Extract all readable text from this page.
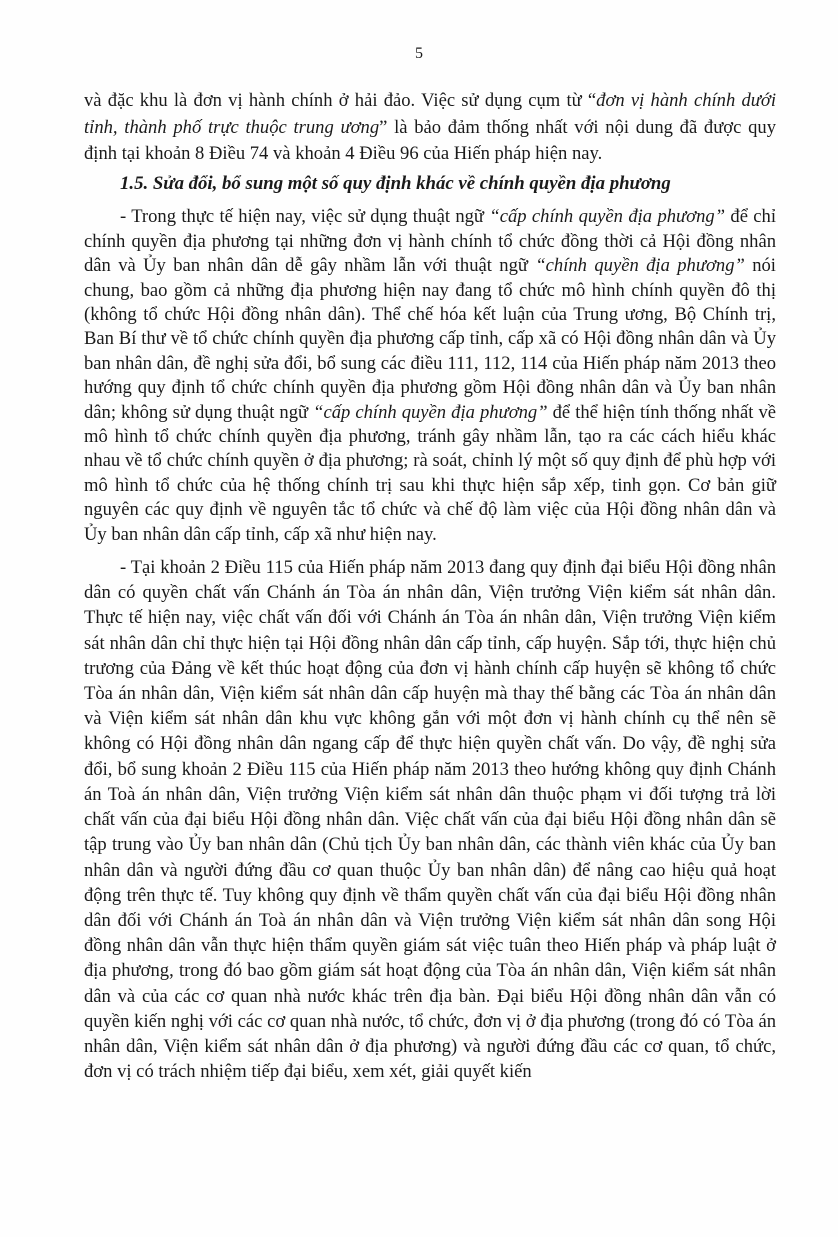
5

và đặc khu là đơn vị hành chính ở hải đảo. Việc sử dụng cụm từ “đơn vị hành chính dưới tỉnh, thành phố trực thuộc trung ương” là bảo đảm thống nhất với nội dung đã được quy định tại khoản 8 Điều 74 và khoản 4 Điều 96 của Hiến pháp hiện nay.

1.5. Sửa đổi, bổ sung một số quy định khác về chính quyền địa phương

- Trong thực tế hiện nay, việc sử dụng thuật ngữ “cấp chính quyền địa phương” để chỉ chính quyền địa phương tại những đơn vị hành chính tổ chức đồng thời cả Hội đồng nhân dân và Ủy ban nhân dân dễ gây nhầm lẫn với thuật ngữ “chính quyền địa phương” nói chung, bao gồm cả những địa phương hiện nay đang tổ chức mô hình chính quyền đô thị (không tổ chức Hội đồng nhân dân). Thể chế hóa kết luận của Trung ương, Bộ Chính trị, Ban Bí thư về tổ chức chính quyền địa phương cấp tỉnh, cấp xã có Hội đồng nhân dân và Ủy ban nhân dân, đề nghị sửa đổi, bổ sung các điều 111, 112, 114 của Hiến pháp năm 2013 theo hướng quy định tổ chức chính quyền địa phương gồm Hội đồng nhân dân và Ủy ban nhân dân; không sử dụng thuật ngữ “cấp chính quyền địa phương” để thể hiện tính thống nhất về mô hình tổ chức chính quyền địa phương, tránh gây nhầm lẫn, tạo ra các cách hiểu khác nhau về tổ chức chính quyền ở địa phương; rà soát, chỉnh lý một số quy định để phù hợp với mô hình tổ chức của hệ thống chính trị sau khi thực hiện sắp xếp, tinh gọn. Cơ bản giữ nguyên các quy định về nguyên tắc tổ chức và chế độ làm việc của Hội đồng nhân dân và Ủy ban nhân dân cấp tỉnh, cấp xã như hiện nay.

- Tại khoản 2 Điều 115 của Hiến pháp năm 2013 đang quy định đại biểu Hội đồng nhân dân có quyền chất vấn Chánh án Tòa án nhân dân, Viện trưởng Viện kiểm sát nhân dân. Thực tế hiện nay, việc chất vấn đối với Chánh án Tòa án nhân dân, Viện trưởng Viện kiểm sát nhân dân chỉ thực hiện tại Hội đồng nhân dân cấp tỉnh, cấp huyện. Sắp tới, thực hiện chủ trương của Đảng về kết thúc hoạt động của đơn vị hành chính cấp huyện sẽ không tổ chức Tòa án nhân dân, Viện kiểm sát nhân dân cấp huyện mà thay thế bằng các Tòa án nhân dân và Viện kiểm sát nhân dân khu vực không gắn với một đơn vị hành chính cụ thể nên sẽ không có Hội đồng nhân dân ngang cấp để thực hiện quyền chất vấn. Do vậy, đề nghị sửa đổi, bổ sung khoản 2 Điều 115 của Hiến pháp năm 2013 theo hướng không quy định Chánh án Toà án nhân dân, Viện trưởng Viện kiểm sát nhân dân thuộc phạm vi đối tượng trả lời chất vấn của đại biểu Hội đồng nhân dân. Việc chất vấn của đại biểu Hội đồng nhân dân sẽ tập trung vào Ủy ban nhân dân (Chủ tịch Ủy ban nhân dân, các thành viên khác của Ủy ban nhân dân và người đứng đầu cơ quan thuộc Ủy ban nhân dân) để nâng cao hiệu quả hoạt động trên thực tế. Tuy không quy định về thẩm quyền chất vấn của đại biểu Hội đồng nhân dân đối với Chánh án Toà án nhân dân và Viện trưởng Viện kiểm sát nhân dân song Hội đồng nhân dân vẫn thực hiện thẩm quyền giám sát việc tuân theo Hiến pháp và pháp luật ở địa phương, trong đó bao gồm giám sát hoạt động của Tòa án nhân dân, Viện kiểm sát nhân dân và của các cơ quan nhà nước khác trên địa bàn. Đại biểu Hội đồng nhân dân vẫn có quyền kiến nghị với các cơ quan nhà nước, tổ chức, đơn vị ở địa phương (trong đó có Tòa án nhân dân, Viện kiểm sát nhân dân ở địa phương) và người đứng đầu các cơ quan, tổ chức, đơn vị có trách nhiệm tiếp đại biểu, xem xét, giải quyết kiến
